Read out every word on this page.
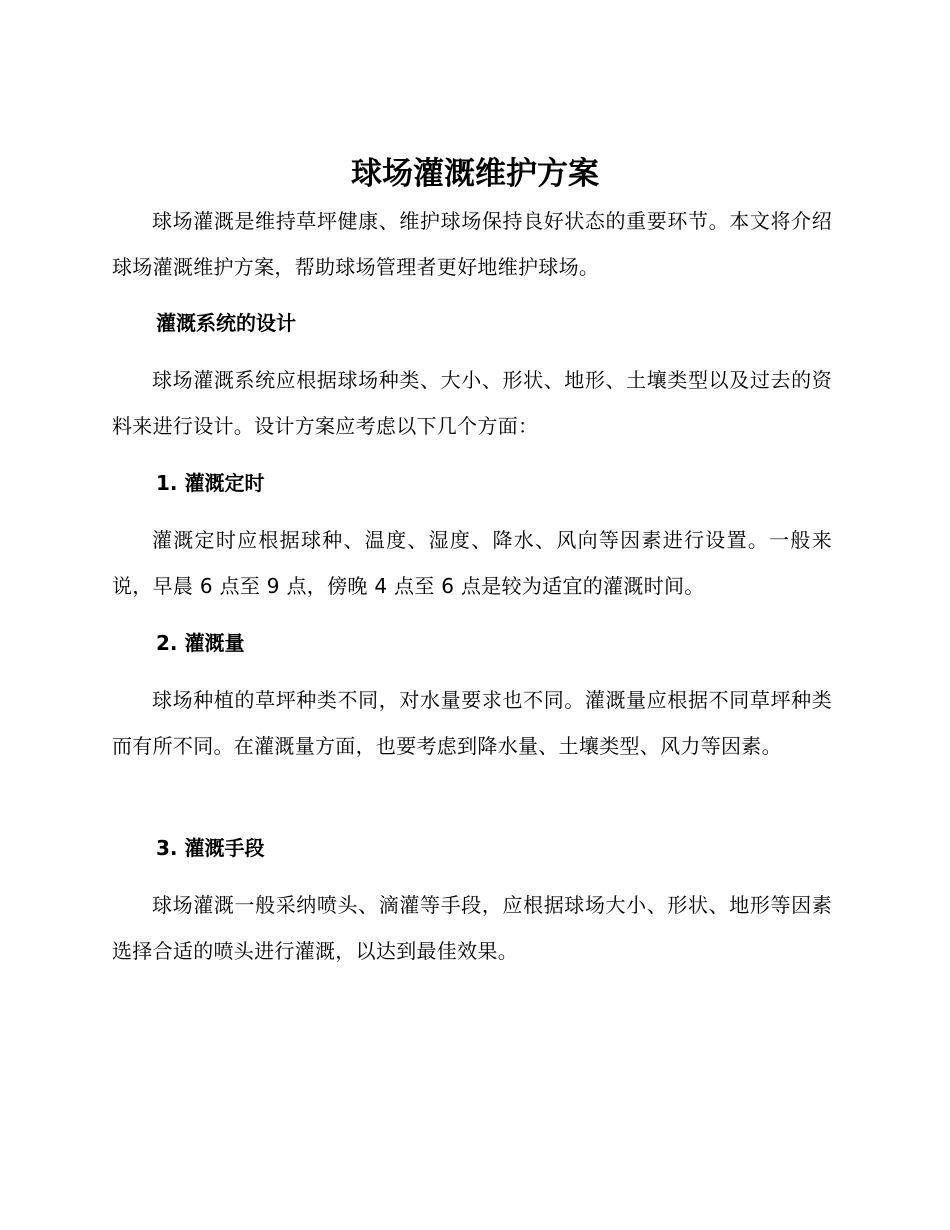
球场灌溉维护方案

球场灌溉是维持草坪健康、维护球场保持良好状态的重要环节。本文将介绍球场灌溉维护方案，帮助球场管理者更好地维护球场。

灌溉系统的设计

球场灌溉系统应根据球场种类、大小、形状、地形、土壤类型以及过去的资料来进行设计。设计方案应考虑以下几个方面：

1. 灌溉定时

灌溉定时应根据球种、温度、湿度、降水、风向等因素进行设置。一般来说，早晨 6 点至 9 点，傍晚 4 点至 6 点是较为适宜的灌溉时间。

2. 灌溉量

球场种植的草坪种类不同，对水量要求也不同。灌溉量应根据不同草坪种类而有所不同。在灌溉量方面，也要考虑到降水量、土壤类型、风力等因素。

3. 灌溉手段

球场灌溉一般采纳喷头、滴灌等手段，应根据球场大小、形状、地形等因素选择合适的喷头进行灌溉，以达到最佳效果。
